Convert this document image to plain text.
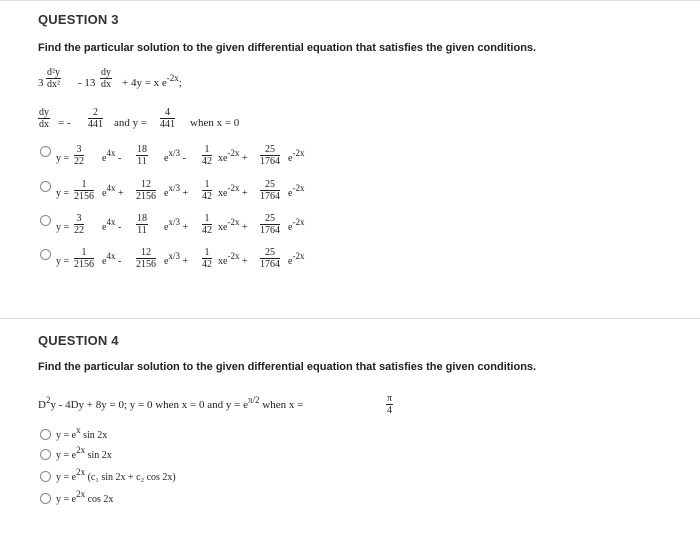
QUESTION 3
Find the particular solution to the given differential equation that satisfies the given conditions.
$3 \frac{\text{d²y}}{\text{dx²}} - 13 \frac{dy}{dx} + 4y = x$ $e^{-2x}$;
$\frac{dy}{dx}$ = - $\frac{2}{441}$ and $y = \frac{4}{441}$ when x = 0
$y = \frac{3}{22} e4x - \frac{18}{11} ex/3 - \frac{1}{42} xe-2x + \frac{25}{1764} e-2x$
$y = \frac{1}{2156} e4x + \frac{12}{2156} ex/3 + \frac{1}{42} xe-2x + \frac{25}{1764} e-2x$
$y = \frac{3}{22} e4x - \frac{18}{11} ex/3 + \frac{1}{42} xe-2x + \frac{25}{1764} e-2x$
$y = \frac{1}{2156} e4x - \frac{12}{2156} ex/3 + \frac{1}{42} xe-2x + \frac{25}{1764} e-2x$
QUESTION 4
Find the particular solution to the given differential equation that satisfies the given conditions.
$D^2y - 4Dy + 8y = 0$; y = 0 when x = 0 and $y = e^{\pi/2}$ when x =	$\frac{\pi}{4}$
y = ex sin 2x
y = e2x sin 2x
y = e2x (c₁ sin 2x + c₂ cos 2x)
y = e2x cos 2x
